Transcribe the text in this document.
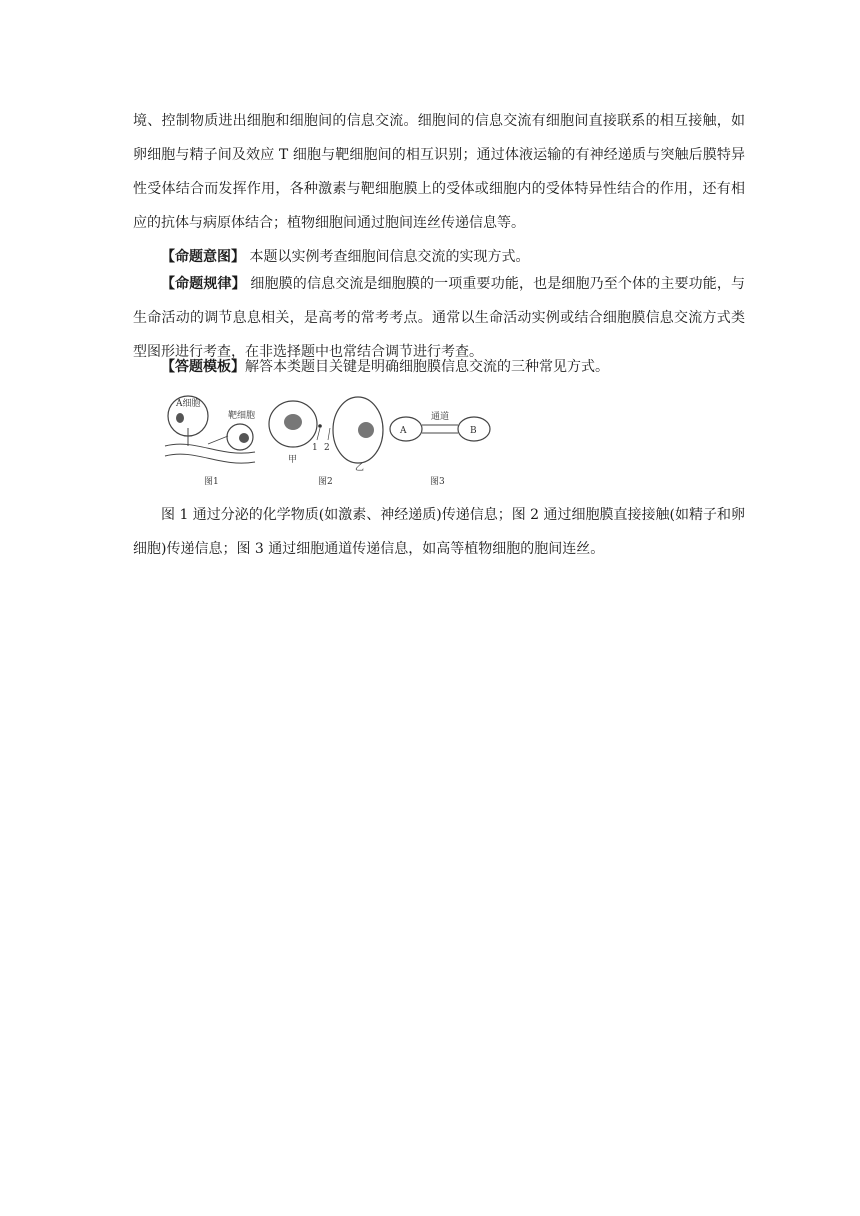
境、控制物质进出细胞和细胞间的信息交流。细胞间的信息交流有细胞间直接联系的相互接触，如卵细胞与精子间及效应 T 细胞与靶细胞间的相互识别；通过体液运输的有神经递质与突触后膜特异性受体结合而发挥作用，各种激素与靶细胞膜上的受体或细胞内的受体特异性结合的作用，还有相应的抗体与病原体结合；植物细胞间通过胞间连丝传递信息等。

【命题意图】 本题以实例考查细胞间信息交流的实现方式。

【命题规律】 细胞膜的信息交流是细胞膜的一项重要功能，也是细胞乃至个体的主要功能，与生命活动的调节息息相关，是高考的常考考点。通常以生命活动实例或结合细胞膜信息交流方式类型图形进行考查，在非选择题中也常结合调节进行考查。

【答题模板】解答本类题目关键是明确细胞膜信息交流的三种常见方式。

A细胞
靶细胞
图1
甲
1 2
乙
图2
A	B
通道
图3

图 1 通过分泌的化学物质(如激素、神经递质)传递信息；图 2 通过细胞膜直接接触(如精子和卵细胞)传递信息；图 3 通过细胞通道传递信息，如高等植物细胞的胞间连丝。
